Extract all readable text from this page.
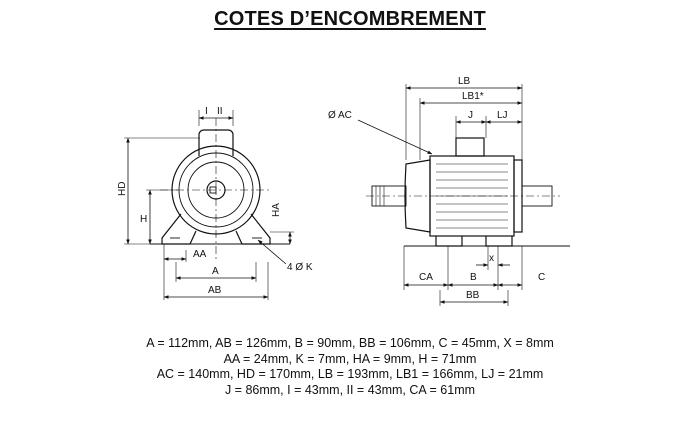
COTES D’ENCOMBREMENT
I II
HD
H
HA
AA
A
AB
4 Ø K
LB
LB1*
Ø AC	J LJ
x
CA	B	C
BB
A = 112mm, AB = 126mm, B = 90mm, BB = 106mm, C = 45mm, X = 8mm
AA = 24mm, K = 7mm, HA = 9mm, H = 71mm
AC = 140mm, HD = 170mm, LB = 193mm, LB1 = 166mm, LJ = 21mm
J = 86mm, I = 43mm, II = 43mm, CA = 61mm
